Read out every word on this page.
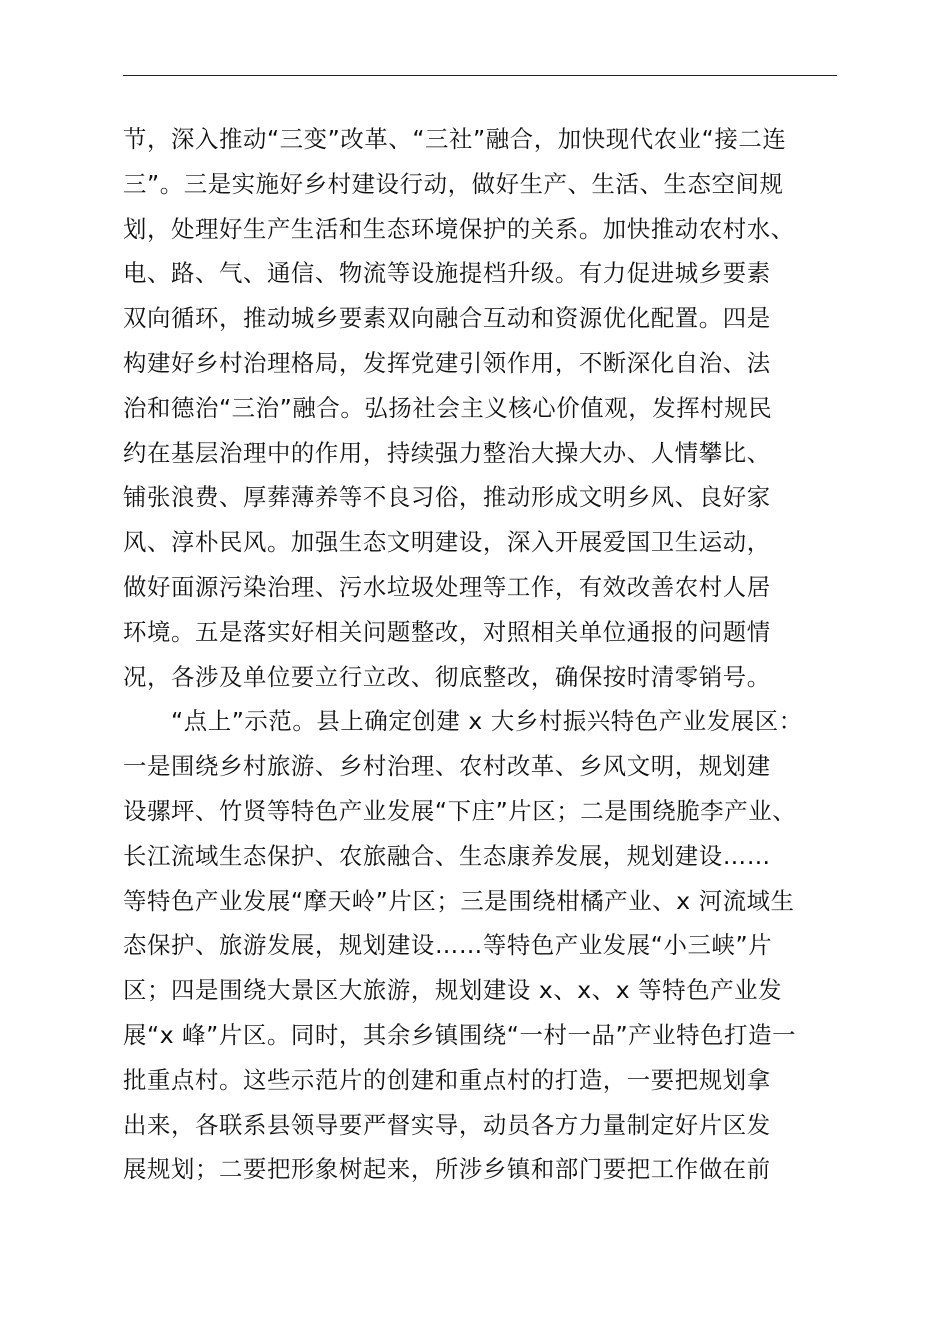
节，深入推动“三变”改革、“三社”融合，加快现代农业“接二连
三”。三是实施好乡村建设行动，做好生产、生活、生态空间规
划，处理好生产生活和生态环境保护的关系。加快推动农村水、
电、路、气、通信、物流等设施提档升级。有力促进城乡要素
双向循环，推动城乡要素双向融合互动和资源优化配置。四是
构建好乡村治理格局，发挥党建引领作用，不断深化自治、法
治和德治“三治”融合。弘扬社会主义核心价值观，发挥村规民
约在基层治理中的作用，持续强力整治大操大办、人情攀比、
铺张浪费、厚葬薄养等不良习俗，推动形成文明乡风、良好家
风、淳朴民风。加强生态文明建设，深入开展爱国卫生运动，
做好面源污染治理、污水垃圾处理等工作，有效改善农村人居
环境。五是落实好相关问题整改，对照相关单位通报的问题情
况，各涉及单位要立行立改、彻底整改，确保按时清零销号。
“点上”示范。县上确定创建 x 大乡村振兴特色产业发展区：
一是围绕乡村旅游、乡村治理、农村改革、乡风文明，规划建
设骡坪、竹贤等特色产业发展“下庄”片区；二是围绕脆李产业、
长江流域生态保护、农旅融合、生态康养发展，规划建设……
等特色产业发展“摩天岭”片区；三是围绕柑橘产业、x 河流域生
态保护、旅游发展，规划建设……等特色产业发展“小三峡”片
区；四是围绕大景区大旅游，规划建设 x、x、x 等特色产业发
展“x 峰”片区。同时，其余乡镇围绕“一村一品”产业特色打造一
批重点村。这些示范片的创建和重点村的打造，一要把规划拿
出来，各联系县领导要严督实导，动员各方力量制定好片区发
展规划；二要把形象树起来，所涉乡镇和部门要把工作做在前
